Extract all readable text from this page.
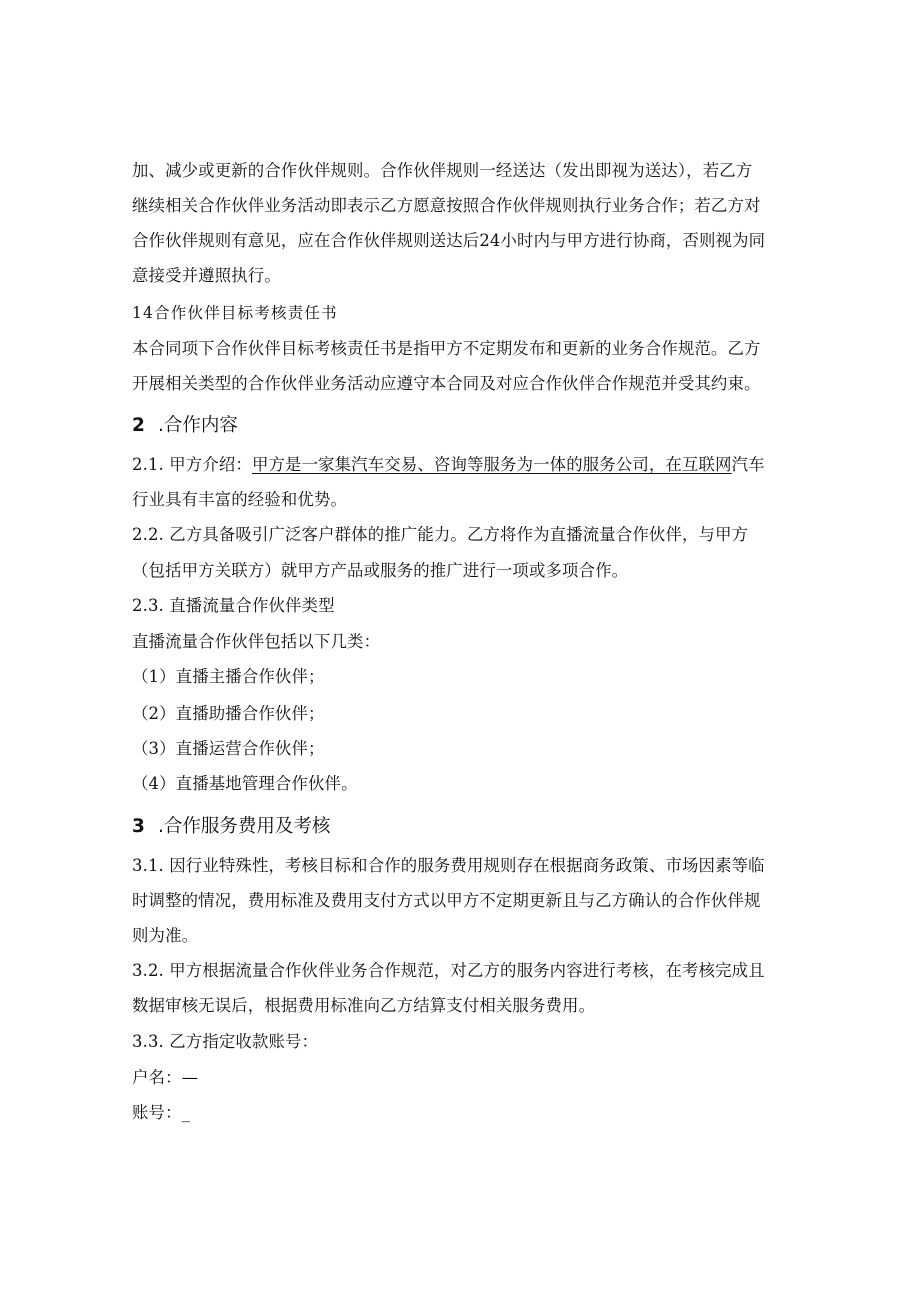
加、减少或更新的合作伙伴规则。合作伙伴规则一经送达（发出即视为送达），若乙方
继续相关合作伙伴业务活动即表示乙方愿意按照合作伙伴规则执行业务合作；若乙方对
合作伙伴规则有意见，应在合作伙伴规则送达后24小时内与甲方进行协商，否则视为同
意接受并遵照执行。
14合作伙伴目标考核责任书
本合同项下合作伙伴目标考核责任书是指甲方不定期发布和更新的业务合作规范。乙方
开展相关类型的合作伙伴业务活动应遵守本合同及对应合作伙伴合作规范并受其约束。
2 .合作内容
2.1. 甲方介绍：甲方是一家集汽车交易、咨询等服务为一体的服务公司，在互联网汽车
行业具有丰富的经验和优势。
2.2. 乙方具备吸引广泛客户群体的推广能力。乙方将作为直播流量合作伙伴，与甲方
（包括甲方关联方）就甲方产品或服务的推广进行一项或多项合作。
2.3. 直播流量合作伙伴类型
直播流量合作伙伴包括以下几类：
（1）直播主播合作伙伴；
（2）直播助播合作伙伴；
（3）直播运营合作伙伴；
（4）直播基地管理合作伙伴。
3 .合作服务费用及考核
3.1. 因行业特殊性，考核目标和合作的服务费用规则存在根据商务政策、市场因素等临
时调整的情况，费用标准及费用支付方式以甲方不定期更新且与乙方确认的合作伙伴规
则为准。
3.2. 甲方根据流量合作伙伴业务合作规范，对乙方的服务内容进行考核，在考核完成且
数据审核无误后，根据费用标准向乙方结算支付相关服务费用。
3.3. 乙方指定收款账号：
户名：—
账号：_
